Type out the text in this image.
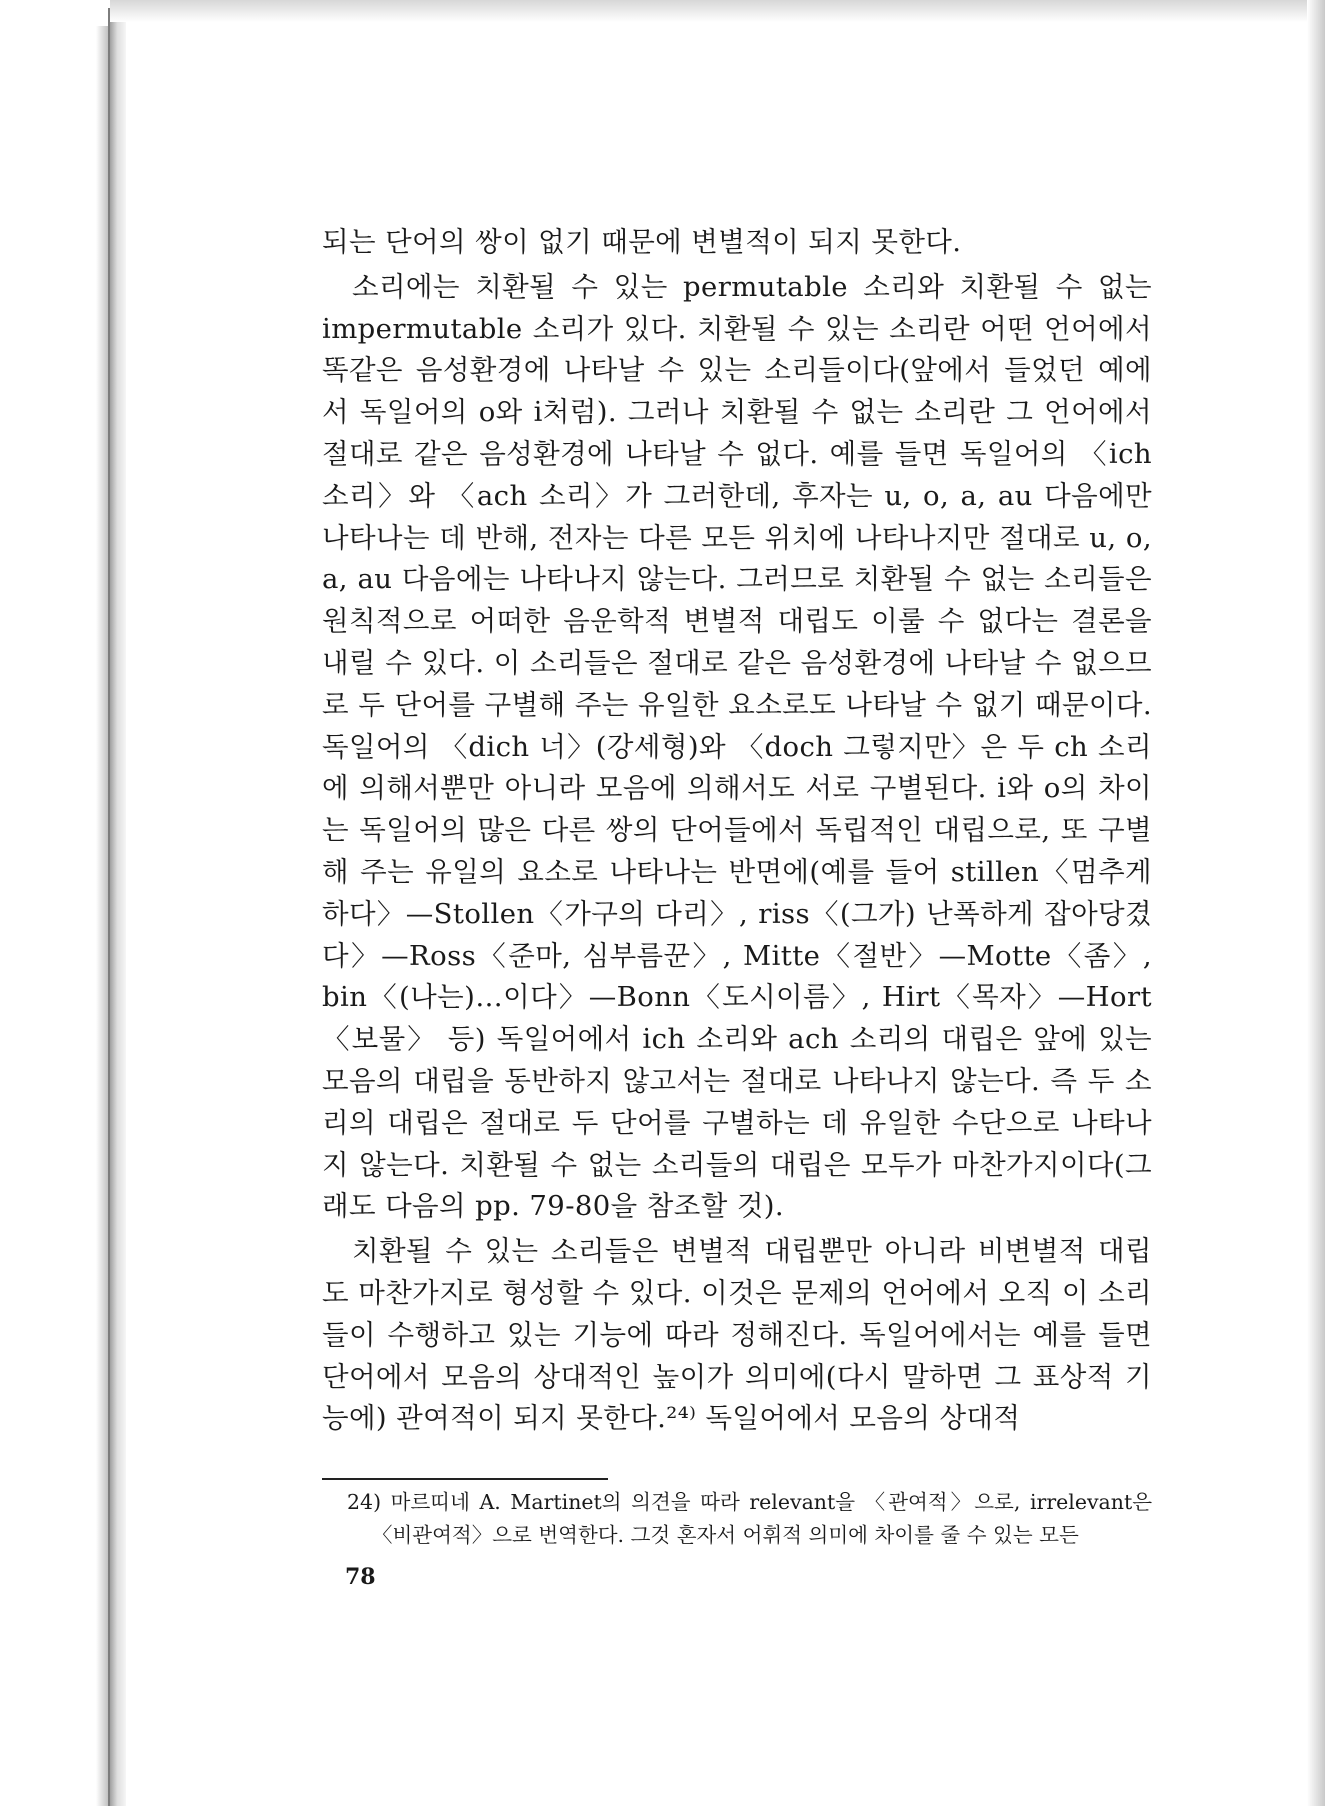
되는 단어의 쌍이 없기 때문에 변별적이 되지 못한다.

소리에는 치환될 수 있는 permutable 소리와 치환될 수 없는 impermutable 소리가 있다. 치환될 수 있는 소리란 어떤 언어에서 똑같은 음성환경에 나타날 수 있는 소리들이다(앞에서 들었던 예에서 독일어의 o와 i처럼). 그러나 치환될 수 없는 소리란 그 언어에서 절대로 같은 음성환경에 나타날 수 없다. 예를 들면 독일어의 〈ich 소리〉와 〈ach 소리〉가 그러한데, 후자는 u, o, a, au 다음에만 나타나는 데 반해, 전자는 다른 모든 위치에 나타나지만 절대로 u, o, a, au 다음에는 나타나지 않는다. 그러므로 치환될 수 없는 소리들은 원칙적으로 어떠한 음운학적 변별적 대립도 이룰 수 없다는 결론을 내릴 수 있다. 이 소리들은 절대로 같은 음성환경에 나타날 수 없으므로 두 단어를 구별해 주는 유일한 요소로도 나타날 수 없기 때문이다. 독일어의 〈dich 너〉(강세형)와 〈doch 그렇지만〉은 두 ch 소리에 의해서뿐만 아니라 모음에 의해서도 서로 구별된다. i와 o의 차이는 독일어의 많은 다른 쌍의 단어들에서 독립적인 대립으로, 또 구별해 주는 유일의 요소로 나타나는 반면에(예를 들어 stillen〈멈추게 하다〉—Stollen〈가구의 다리〉, riss〈(그가) 난폭하게 잡아당겼다〉—Ross〈준마, 심부름꾼〉, Mitte〈절반〉—Motte〈좀〉, bin〈(나는)…이다〉—Bonn〈도시이름〉, Hirt〈목자〉—Hort〈보물〉 등) 독일어에서 ich 소리와 ach 소리의 대립은 앞에 있는 모음의 대립을 동반하지 않고서는 절대로 나타나지 않는다. 즉 두 소리의 대립은 절대로 두 단어를 구별하는 데 유일한 수단으로 나타나지 않는다. 치환될 수 없는 소리들의 대립은 모두가 마찬가지이다(그래도 다음의 pp. 79-80을 참조할 것).

치환될 수 있는 소리들은 변별적 대립뿐만 아니라 비변별적 대립도 마찬가지로 형성할 수 있다. 이것은 문제의 언어에서 오직 이 소리들이 수행하고 있는 기능에 따라 정해진다. 독일어에서는 예를 들면 단어에서 모음의 상대적인 높이가 의미에(다시 말하면 그 표상적 기능에) 관여적이 되지 못한다.²⁴⁾ 독일어에서 모음의 상대적

24) 마르띠네 A. Martinet의 의견을 따라 relevant을 〈관여적〉으로, irrelevant은 〈비관여적〉으로 번역한다. 그것 혼자서 어휘적 의미에 차이를 줄 수 있는 모든
78
